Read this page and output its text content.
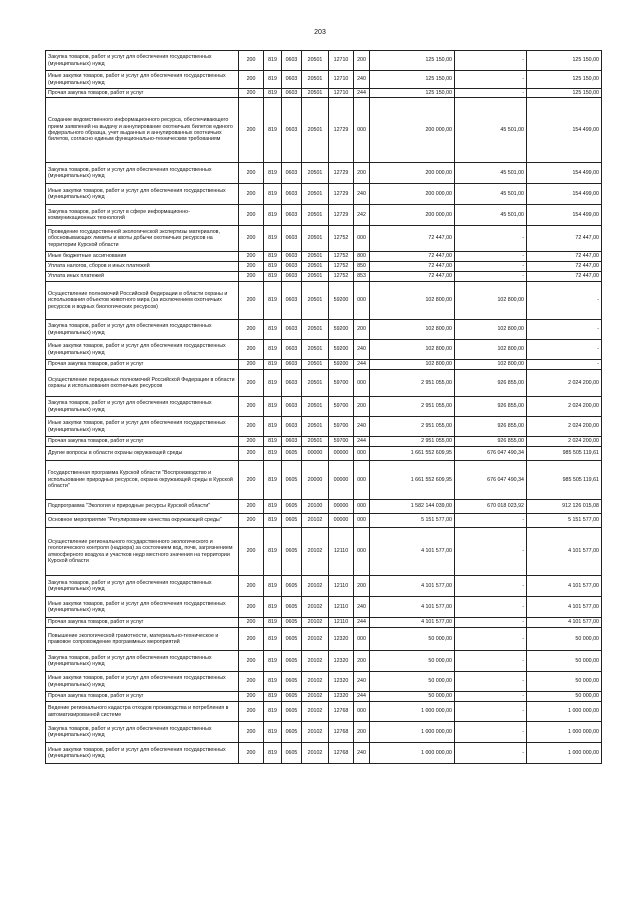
203
Закупка товаров, работ и услуг для обеспечения государственных (муниципальных) нужд	200	819	0603	20501	12710	200	125 150,00	-	125 150,00
Иные закупки товаров, работ и услуг для обеспечения государственных (муниципальных) нужд	200	819	0603	20501	12710	240	125 150,00	-	125 150,00
Прочая закупка товаров, работ и услуг	200	819	0603	20501	12710	244	125 150,00	-	125 150,00
Создание ведомственного информационного ресурса, обеспечивающего прием заявлений на выдачу и аннулирование охотничьих билетов единого федерального образца, учет выданных и аннулированных охотничьих билетов, согласно единым функционально-техническим требованиям	200	819	0603	20501	12729	000	200 000,00	45 501,00	154 499,00
Закупка товаров, работ и услуг для обеспечения государственных (муниципальных) нужд	200	819	0603	20501	12729	200	200 000,00	45 501,00	154 499,00
Иные закупки товаров, работ и услуг для обеспечения государственных (муниципальных) нужд	200	819	0603	20501	12729	240	200 000,00	45 501,00	154 499,00
Закупка товаров, работ и услуг в сфере информационно-коммуникационных технологий	200	819	0603	20501	12729	242	200 000,00	45 501,00	154 499,00
Проведение государственной экологической экспертизы материалов, обосновывающих лимиты и квоты добычи охотничьих ресурсов на территории Курской области	200	819	0603	20501	12752	000	72 447,00	-	72 447,00
Иные бюджетные ассигнования	200	819	0603	20501	12752	800	72 447,00	-	72 447,00
Уплата налогов, сборов и иных платежей	200	819	0603	20501	12752	850	72 447,00	-	72 447,00
Уплата иных платежей	200	819	0603	20501	12752	853	72 447,00	-	72 447,00
Осуществление полномочий Российской Федерации в области охраны и использования объектов животного мира (за исключением охотничьих ресурсов и водных биологических ресурсов)	200	819	0603	20501	59200	000	102 800,00	102 800,00	-
Закупка товаров, работ и услуг для обеспечения государственных (муниципальных) нужд	200	819	0603	20501	59200	200	102 800,00	102 800,00	-
Иные закупки товаров, работ и услуг для обеспечения государственных (муниципальных) нужд	200	819	0603	20501	59200	240	102 800,00	102 800,00	-
Прочая закупка товаров, работ и услуг	200	819	0603	20501	59200	244	102 800,00	102 800,00	-
Осуществление переданных полномочий Российской Федерации в области охраны и использования охотничьих ресурсов	200	819	0603	20501	59700	000	2 951 055,00	926 855,00	2 024 200,00
Закупка товаров, работ и услуг для обеспечения государственных (муниципальных) нужд	200	819	0603	20501	59700	200	2 951 055,00	926 855,00	2 024 200,00
Иные закупки товаров, работ и услуг для обеспечения государственных (муниципальных) нужд	200	819	0603	20501	59700	240	2 951 055,00	926 855,00	2 024 200,00
Прочая закупка товаров, работ и услуг	200	819	0603	20501	59700	244	2 951 055,00	926 855,00	2 024 200,00
Другие вопросы в области охраны окружающей среды	200	819	0605	00000	00000	000	1 661 552 609,95	676 047 490,34	985 505 119,61
Государственная программа Курской области "Воспроизводство и использование природных ресурсов, охрана окружающей среды в Курской области"	200	819	0605	20000	00000	000	1 661 552 609,95	676 047 490,34	985 505 119,61
Подпрограмма "Экология и природные ресурсы Курской области"	200	819	0605	20100	00000	000	1 582 144 039,00	670 018 023,92	912 126 015,08
Основное мероприятие "Регулирование качества окружающей среды"	200	819	0605	20102	00000	000	5 151 577,00	-	5 151 577,00
Осуществление регионального государственного экологического и геологического контроля (надзора) за состоянием вод, почв, загрязнением атмосферного воздуха и участков недр местного значения на территории Курской области	200	819	0605	20102	12110	000	4 101 577,00	-	4 101 577,00
Закупка товаров, работ и услуг для обеспечения государственных (муниципальных) нужд	200	819	0605	20102	12110	200	4 101 577,00	-	4 101 577,00
Иные закупки товаров, работ и услуг для обеспечения государственных (муниципальных) нужд	200	819	0605	20102	12110	240	4 101 577,00	-	4 101 577,00
Прочая закупка товаров, работ и услуг	200	819	0605	20102	12110	244	4 101 577,00	-	4 101 577,00
Повышение экологической грамотности, материально-техническое и правовое сопровождение программных мероприятий	200	819	0605	20102	12320	000	50 000,00	-	50 000,00
Закупка товаров, работ и услуг для обеспечения государственных (муниципальных) нужд	200	819	0605	20102	12320	200	50 000,00	-	50 000,00
Иные закупки товаров, работ и услуг для обеспечения государственных (муниципальных) нужд	200	819	0605	20102	12320	240	50 000,00	-	50 000,00
Прочая закупка товаров, работ и услуг	200	819	0605	20102	12320	244	50 000,00	-	50 000,00
Ведение регионального кадастра отходов производства и потребления в автоматизированной системе	200	819	0605	20102	12768	000	1 000 000,00	-	1 000 000,00
Закупка товаров, работ и услуг для обеспечения государственных (муниципальных) нужд	200	819	0605	20102	12768	200	1 000 000,00	-	1 000 000,00
Иные закупки товаров, работ и услуг для обеспечения государственных (муниципальных) нужд	200	819	0605	20102	12768	240	1 000 000,00	-	1 000 000,00
